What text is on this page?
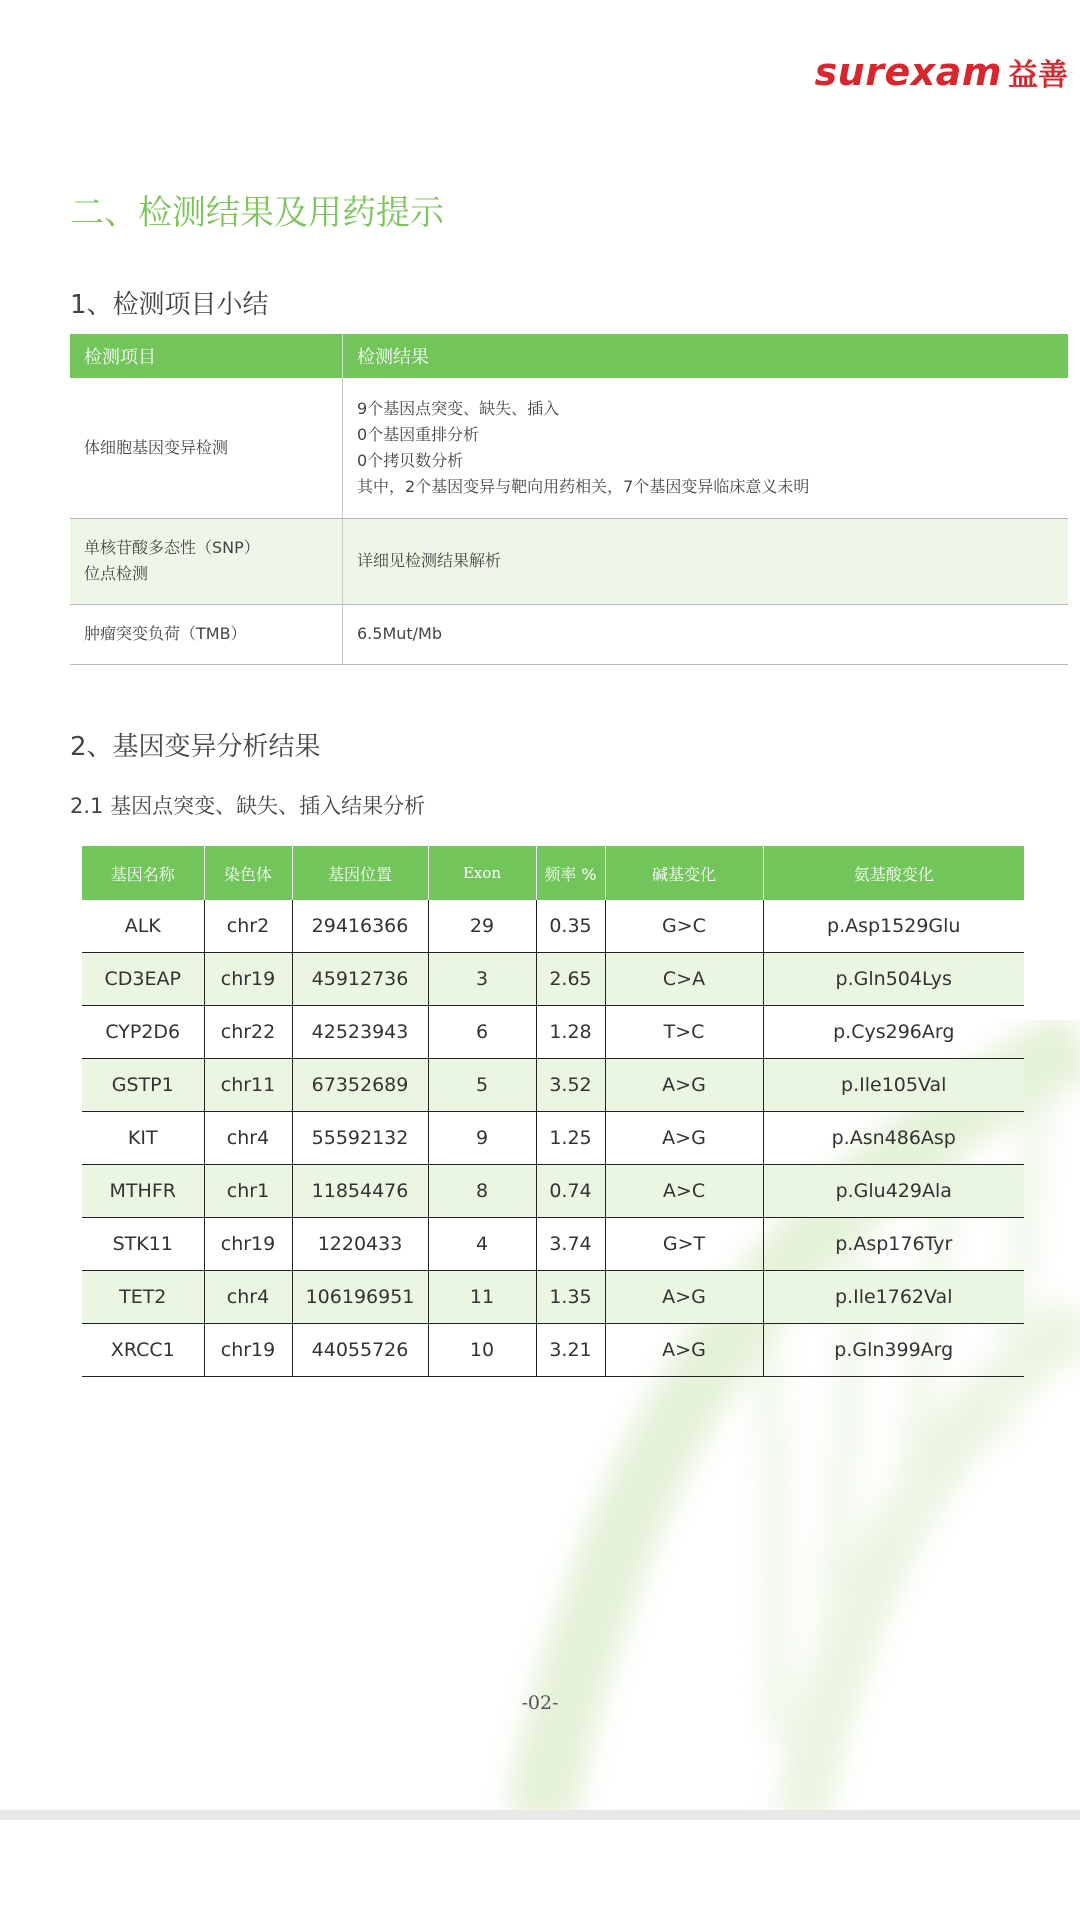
surexam 益善
二、检测结果及用药提示
1、检测项目小结
检测项目	检测结果
体细胞基因变异检测	9个基因点突变、缺失、插入
0个基因重排分析
0个拷贝数分析
其中，2个基因变异与靶向用药相关，7个基因变异临床意义未明

单核苷酸多态性（SNP）
位点检测	详细见检测结果解析
肿瘤突变负荷（TMB）	6.5Mut/Mb
2、基因变异分析结果
2.1 基因点突变、缺失、插入结果分析
基因名称	染色体	基因位置	Exon	频率 %	碱基变化	氨基酸变化
ALK	chr2	29416366	29	0.35	G>C	p.Asp1529Glu
CD3EAP	chr19	45912736	3	2.65	C>A	p.Gln504Lys
CYP2D6	chr22	42523943	6	1.28	T>C	p.Cys296Arg
GSTP1	chr11	67352689	5	3.52	A>G	p.Ile105Val
KIT	chr4	55592132	9	1.25	A>G	p.Asn486Asp
MTHFR	chr1	11854476	8	0.74	A>C	p.Glu429Ala
STK11	chr19	1220433	4	3.74	G>T	p.Asp176Tyr
TET2	chr4	106196951	11	1.35	A>G	p.Ile1762Val
XRCC1	chr19	44055726	10	3.21	A>G	p.Gln399Arg
-02-
